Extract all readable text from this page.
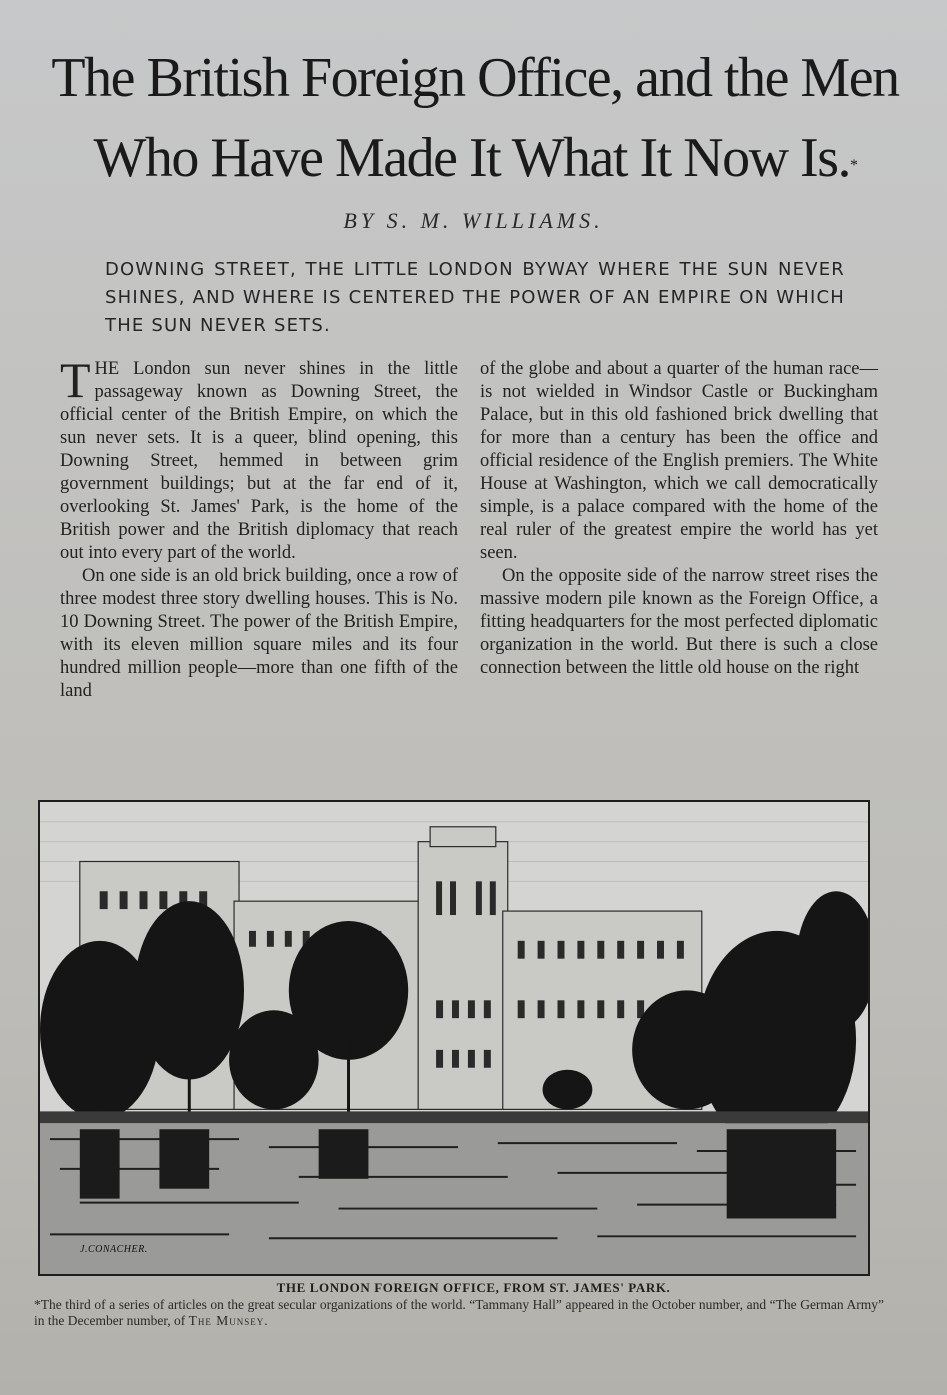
The British Foreign Office, and the Men
Who Have Made It What It Now Is.*
BY S. M. WILLIAMS.
DOWNING STREET, THE LITTLE LONDON BYWAY WHERE THE SUN NEVER SHINES, AND WHERE IS CENTERED THE POWER OF AN EMPIRE ON WHICH THE SUN NEVER SETS.

THE London sun never shines in the little passageway known as Downing Street, the official center of the British Empire, on which the sun never sets. It is a queer, blind opening, this Downing Street, hemmed in between grim government buildings; but at the far end of it, overlooking St. James' Park, is the home of the British power and the British diplomacy that reach out into every part of the world.

On one side is an old brick building, once a row of three modest three story dwelling houses. This is No. 10 Downing Street. The power of the British Empire, with its eleven million square miles and its four hundred million people—more than one fifth of the land

of the globe and about a quarter of the human race—is not wielded in Windsor Castle or Buckingham Palace, but in this old fashioned brick dwelling that for more than a century has been the office and official residence of the English premiers. The White House at Washington, which we call democratically simple, is a palace compared with the home of the real ruler of the greatest empire the world has yet seen.

On the opposite side of the narrow street rises the massive modern pile known as the Foreign Office, a fitting headquarters for the most perfected diplomatic organization in the world. But there is such a close connection between the little old house on the right

J.CONACHER.
THE LONDON FOREIGN OFFICE, FROM ST. JAMES' PARK.
*The third of a series of articles on the great secular organizations of the world. “Tammany Hall” appeared in the October number, and “The German Army” in the December number, of The Munsey.
